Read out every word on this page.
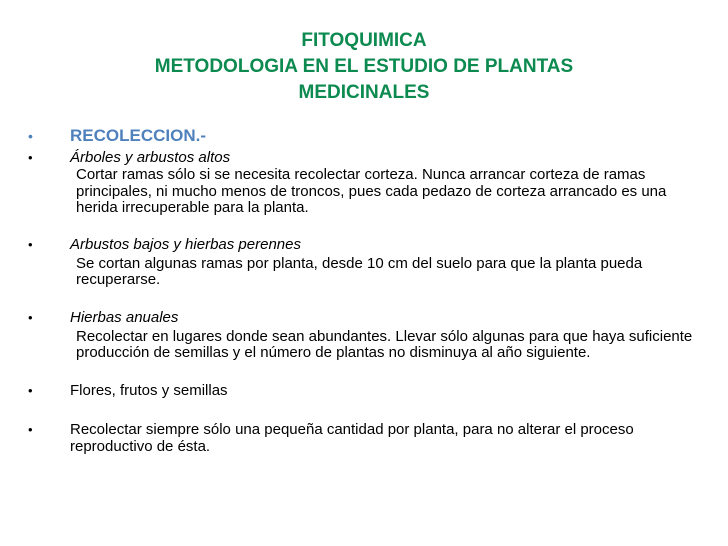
FITOQUIMICA
METODOLOGIA EN EL ESTUDIO DE PLANTAS
MEDICINALES
•	RECOLECCION.-
•	Árboles y arbustos altos
Cortar ramas sólo si se necesita recolectar corteza. Nunca arrancar corteza de ramas principales, ni mucho menos de troncos, pues cada pedazo de corteza arrancado es una herida irrecuperable para la planta.
•	Arbustos bajos y hierbas perennes
Se cortan algunas ramas por planta, desde 10 cm del suelo para que la planta pueda recuperarse.
•	Hierbas anuales
Recolectar en lugares donde sean abundantes. Llevar sólo algunas para que haya suficiente producción de semillas y el número de plantas no disminuya al año siguiente.
•	Flores, frutos y semillas
•	Recolectar siempre sólo una pequeña cantidad por planta, para no alterar el proceso reproductivo de ésta.
